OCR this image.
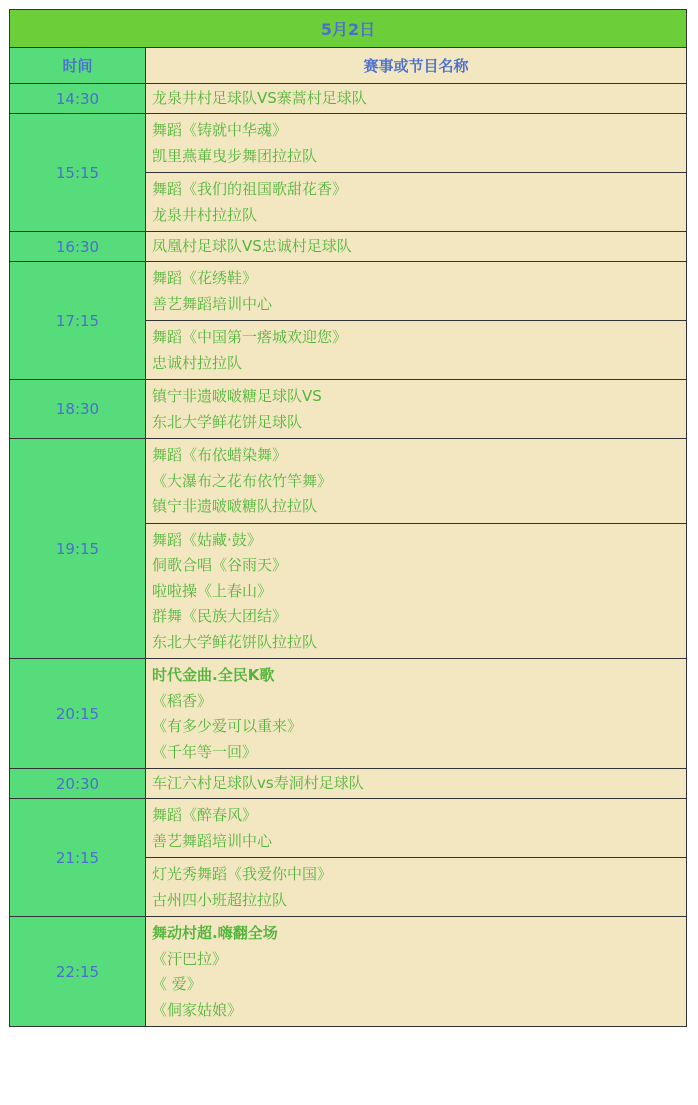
5月2日	
时间	赛事或节目名称
14:30	龙泉井村足球队VS寨蒿村足球队

15:15	舞蹈《铸就中华魂》
凯里燕莗曳步舞团拉拉队

	舞蹈《我们的祖国歌甜花香》
龙泉井村拉拉队

16:30	凤凰村足球队VS忠诚村足球队

17:15	舞蹈《花绣鞋》
善艺舞蹈培训中心

	舞蹈《中国第一瘩城欢迎您》
忠诚村拉拉队

18:30	镇宁非遗啵啵糖足球队VS
东北大学鲜花饼足球队

19:15	舞蹈《布依蜡染舞》
《大瀑布之花布依竹竿舞》
镇宁非遗啵啵糖队拉拉队

	舞蹈《姑藏·鼓》
侗歌合唱《谷雨天》
啦啦操《上春山》
群舞《民族大团结》
东北大学鲜花饼队拉拉队

20:15	时代金曲.全民K歌
《稻香》
《有多少爱可以重来》
《千年等一回》

20:30	车江六村足球队vs寿洞村足球队

21:15	舞蹈《醉春风》
善艺舞蹈培训中心

	灯光秀舞蹈《我爱你中国》
古州四小班超拉拉队

22:15	舞动村超.嗨翻全场
《汗巴拉》
《 爱》
《侗家姑娘》
